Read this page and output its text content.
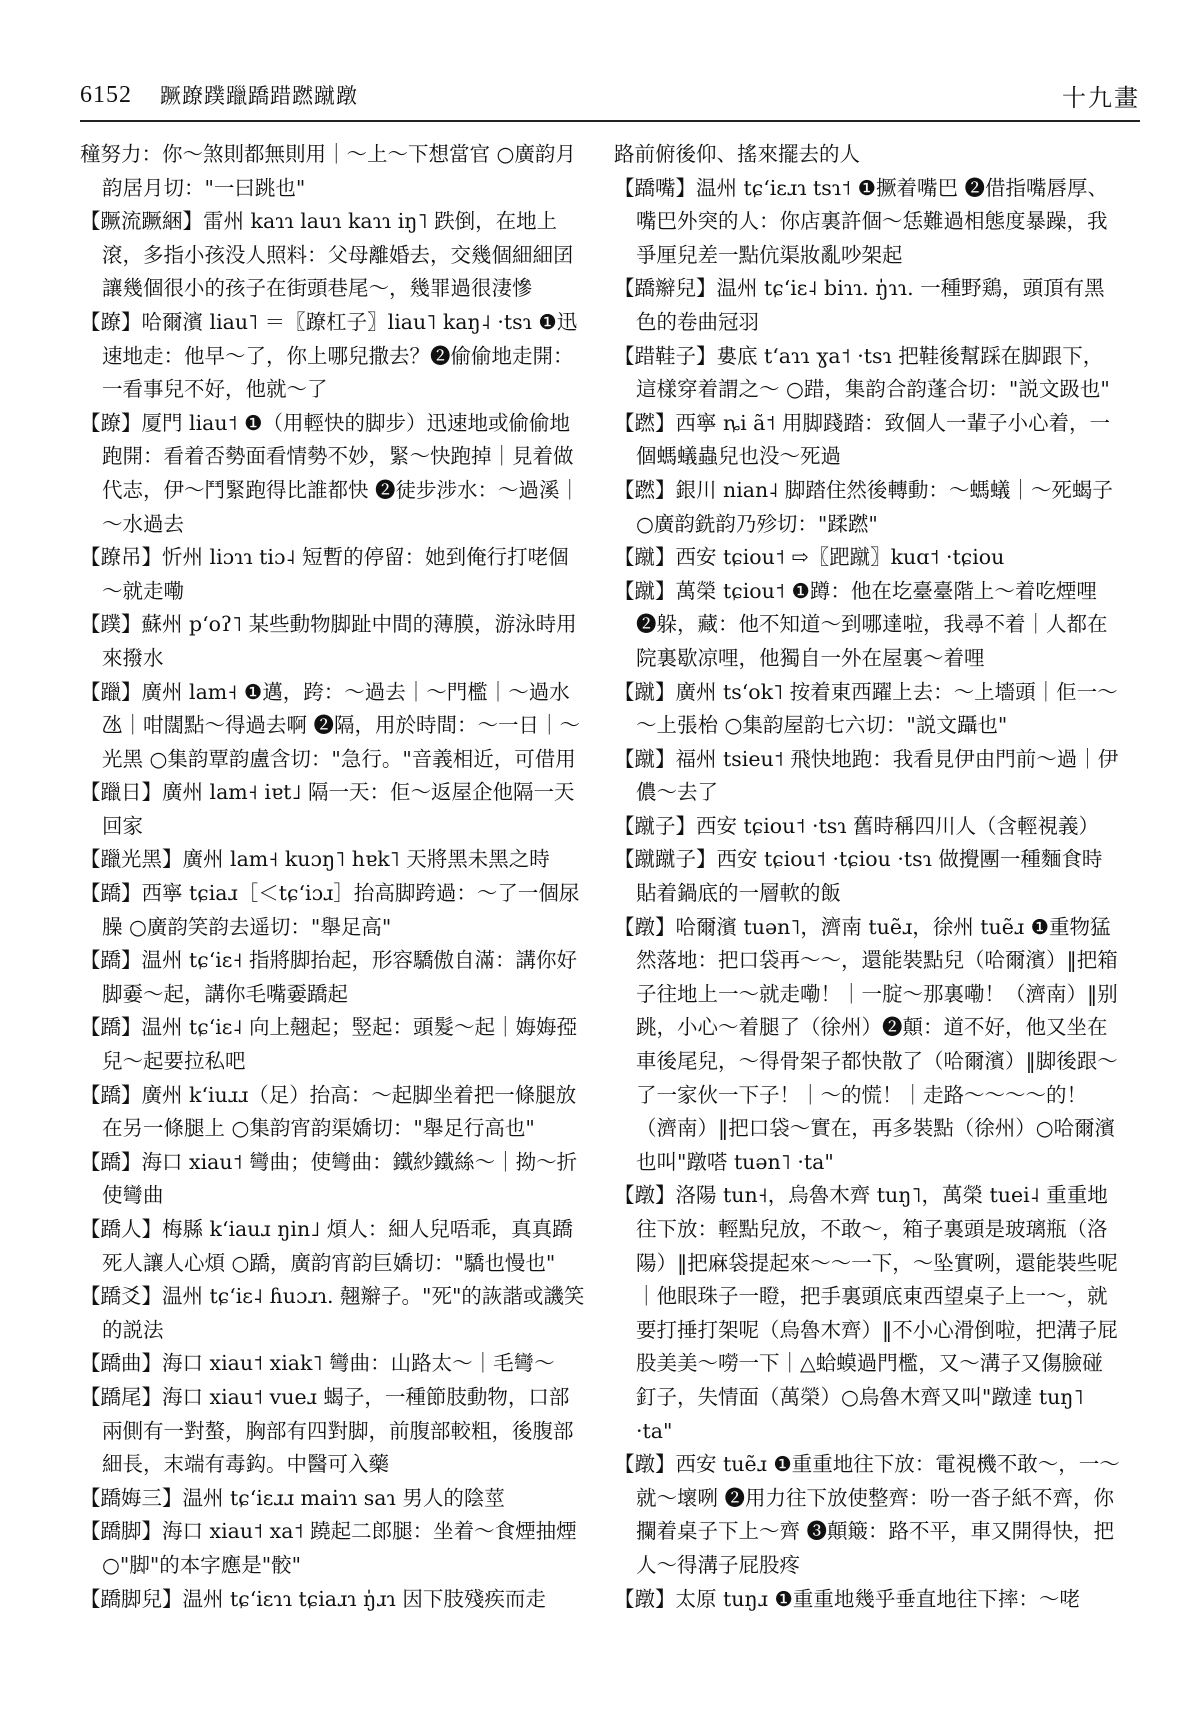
6152 蹶蹽蹼躐蹻踖蹨蹴蹾	十九畫

穜努力：你～煞則都無則用｜～上～下想當官 ○廣韵月韵居月切："一曰跳也"

【蹶流蹶綑】雷州 kaɿɿ lauɿ kaɿɿ iŋ˥ 跌倒，在地上滾，多指小孩没人照料：父母離婚去，交幾個細細囝讓幾個很小的孩子在街頭巷尾～，幾罪過很淒慘

【蹽】哈爾濱 liau˥ ＝〖蹽杠子〗liau˥ kaŋ˨ ·tsɿ ❶迅速地走：他早～了，你上哪兒撒去？❷偷偷地走開：一看事兒不好，他就～了

【蹽】厦門 liau˦ ❶（用輕快的脚步）迅速地或偷偷地跑開：看着否勢面看情勢不妙，緊～快跑掉｜見着做代志，伊～鬥緊跑得比誰都快 ❷徒步涉水：～過溪｜～水過去

【蹽吊】忻州 liɔɿɿ tiɔ˨ 短暫的停留：她到俺行打咾個～就走嘞

【蹼】蘇州 pʻoʔ˥ 某些動物脚趾中間的薄膜，游泳時用來撥水

【躐】廣州 lam˧ ❶邁，跨：～過去｜～門檻｜～過水氹｜咁闊點～得過去啊 ❷隔，用於時間：～一日｜～光黑 ○集韵覃韵盧含切："急行。"音義相近，可借用

【躐日】廣州 lam˧ iɐt˩ 隔一天：佢～返屋企他隔一天回家

【躐光黑】廣州 lam˧ kuɔŋ˥ hɐk˥ 天將黑未黑之時

【蹻】西寧 tɕiaɹ［＜tɕʻiɔɹ］抬高脚跨過：～了一個尿臊 ○廣韵笑韵去遥切："舉足高"

【蹻】温州 tɕʻiɛ˧ 指將脚抬起，形容驕傲自滿：講你好脚嫑～起，講你毛嘴嫑蹻起

【蹻】温州 tɕʻiɛ˨ 向上翹起；竪起：頭髮～起｜娒娒孲兒～起要拉私吧

【蹻】廣州 kʻiuɹɹ（足）抬高：～起脚坐着把一條腿放在另一條腿上 ○集韵宵韵渠嬌切："舉足行高也"

【蹻】海口 xiau˦ 彎曲；使彎曲：鐵紗鐵絲～｜拗～折使彎曲

【蹻人】梅縣 kʻiauɹ ŋin˩ 煩人：細人兒唔乖，真真蹻死人讓人心煩 ○蹻，廣韵宵韵巨嬌切："驕也慢也"

【蹻爻】温州 tɕʻiɛ˨ ɦuɔɹɿ. 翹辮子。"死"的詼諧或譏笑的説法

【蹻曲】海口 xiau˦ xiak˥ 彎曲：山路太～｜毛彎～

【蹻尾】海口 xiau˦ vueɹ 蝎子，一種節肢動物，口部兩側有一對螯，胸部有四對脚，前腹部較粗，後腹部細長，末端有毒鈎。中醫可入藥

【蹻娒三】温州 tɕʻiɛɹɹ maiɿɿ saɿ 男人的陰莖

【蹻脚】海口 xiau˦ xa˦ 蹺起二郎腿：坐着～食煙抽煙 ○"脚"的本字應是"骹"

【蹻脚兒】温州 tɕʻiɛɿɿ tɕiaɹɿ ŋ̍ɹɿ 因下肢殘疾而走

路前俯後仰、搖來擺去的人

【蹻嘴】温州 tɕʻiɛɹɿ tsɿ˦ ❶撅着嘴巴 ❷借指嘴唇厚、嘴巴外突的人：你店裏許個～恁難過相態度暴躁，我爭厘兒差一點伉渠妝亂吵架起

【蹻辮兒】温州 tɕʻiɛ˨ biɿɿ. ŋ̍ɿɿ. 一種野鶏，頭頂有黑色的卷曲冠羽

【踖鞋子】婁底 tʻaɿɿ ɣa˦ ·tsɿ 把鞋後幫踩在脚跟下，這樣穿着謂之～ ○踖，集韵合韵蓬合切："説文趿也"

【蹨】西寧 ȵi ã˦ 用脚踐踏：致個人一輩子小心着，一個螞蟻蟲兒也没～死過

【蹨】銀川 nian˨ 脚踏住然後轉動：～螞蟻｜～死蝎子 ○廣韵銑韵乃殄切："蹂蹨"

【蹴】西安 tɕiou˦ ⇨〖跁蹴〗kuɑ˦ ·tɕiou

【蹴】萬榮 tɕiou˦ ❶蹲：他在圪臺臺階上～着吃煙哩 ❷躲，藏：他不知道～到哪達啦，我尋不着｜人都在院裏歇凉哩，他獨自一外在屋裏～着哩

【蹴】廣州 tsʻok˥ 按着東西躍上去：～上墻頭｜佢一～～上張枱 ○集韵屋韵七六切："説文躡也"

【蹴】福州 tsieu˦ 飛快地跑：我看見伊由門前～過｜伊儂～去了

【蹴子】西安 tɕiou˦ ·tsɿ 舊時稱四川人（含輕視義）

【蹴蹴子】西安 tɕiou˦ ·tɕiou ·tsɿ 做攪團一種麵食時貼着鍋底的一層軟的飯

【蹾】哈爾濱 tuən˥，濟南 tuẽɹ，徐州 tuẽɹ ❶重物猛然落地：把口袋再～～，還能裝點兒（哈爾濱）‖把箱子往地上一～就走嘞！｜一腚～那裏嘞！（濟南）‖别跳，小心～着腿了（徐州）❷顛：道不好，他又坐在車後尾兒，～得骨架子都快散了（哈爾濱）‖脚後跟～了一家伙一下子！｜～的慌！｜走路～～～～的！（濟南）‖把口袋～實在，再多裝點（徐州）○哈爾濱也叫"蹾嗒 tuən˥ ·ta"

【蹾】洛陽 tun˧，烏魯木齊 tuŋ˥，萬榮 tuei˨ 重重地往下放：輕點兒放，不敢～，箱子裏頭是玻璃瓶（洛陽）‖把麻袋提起來～～一下，～坠實咧，還能裝些呢｜他眼珠子一瞪，把手裏頭底東西望桌子上一～，就要打捶打架呢（烏魯木齊）‖不小心滑倒啦，把溝子屁股美美～嘮一下｜△蛤蟆過門檻，又～溝子又傷臉碰釘子，失情面（萬榮）○烏魯木齊又叫"蹾達 tuŋ˥ ·ta"

【蹾】西安 tuẽɹ ❶重重地往下放：電視機不敢～，一～就～壞咧 ❷用力往下放使整齊：吩一沓子紙不齊，你攔着桌子下上～齊 ❸顛簸：路不平，車又開得快，把人～得溝子屁股疼

【蹾】太原 tuŋɹ ❶重重地幾乎垂直地往下摔：～咾
